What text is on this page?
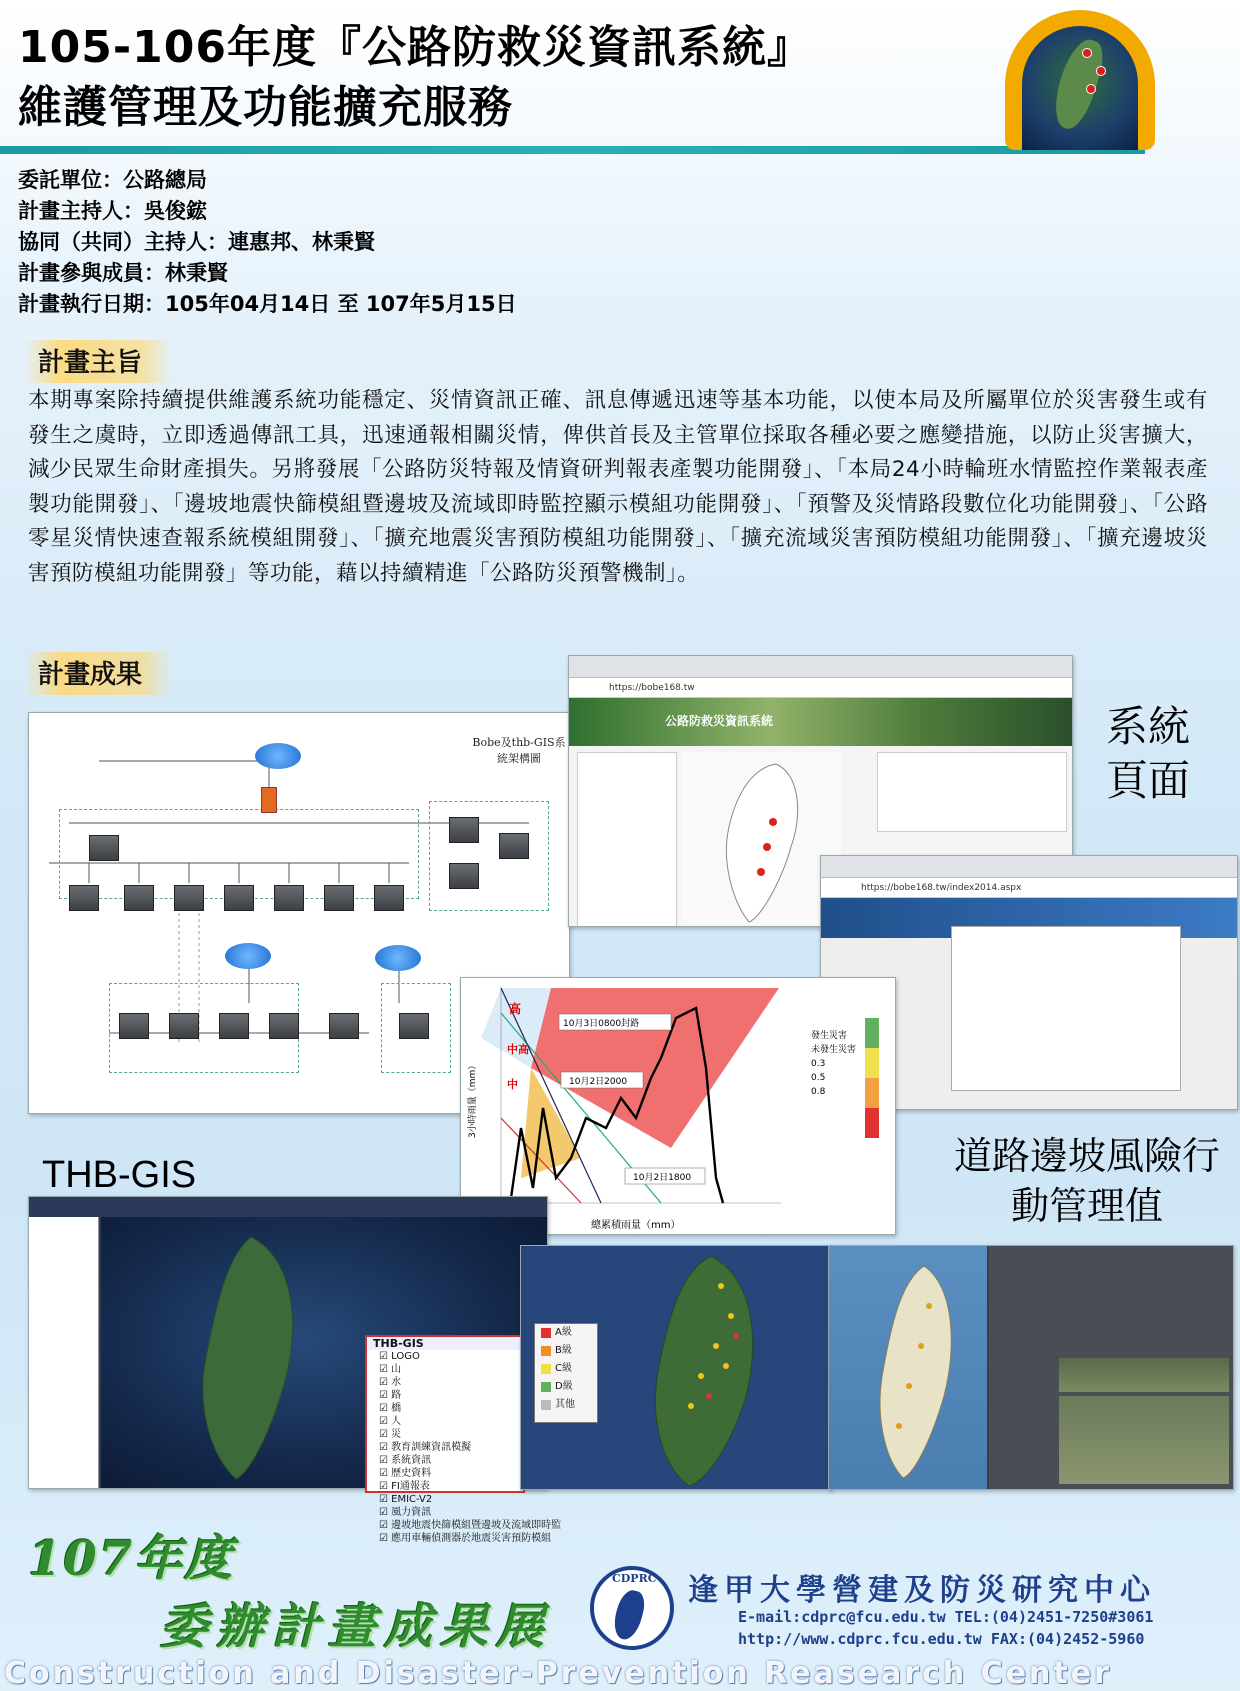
105-106年度『公路防救災資訊系統』
維護管理及功能擴充服務
委託單位：公路總局
計畫主持人：吳俊鋐
協同（共同）主持人：連惠邦、林秉賢
計畫參與成員：林秉賢
計畫執行日期：105年04月14日 至 107年5月15日
計畫主旨
本期專案除持續提供維護系統功能穩定、災情資訊正確、訊息傳遞迅速等基本功能，以使本局及所屬單位於災害發生或有發生之虞時，立即透過傳訊工具，迅速通報相關災情，俾供首長及主管單位採取各種必要之應變措施，以防止災害擴大，減少民眾生命財產損失。另將發展「公路防災特報及情資研判報表產製功能開發」、「本局24小時輪班水情監控作業報表產製功能開發」、「邊坡地震快篩模組暨邊坡及流域即時監控顯示模組功能開發」、「預警及災情路段數位化功能開發」、「公路零星災情快速查報系統模組開發」、「擴充地震災害預防模組功能開發」、「擴充流域災害預防模組功能開發」、「擴充邊坡災害預防模組功能開發」等功能，藉以持續精進「公路防災預警機制」。
計畫成果
Bobe及thb-GIS系統架構圖
https://bobe168.tw
公路防救災資訊系統
https://bobe168.tw/index2014.aspx
高
中高
中
10月3日0800封路
10月2日2000
10月2日1800
總累積雨量（mm）
3小時雨量（mm）
發生災害
未發生災害
0.3
0.5
0.8
系統頁面
道路邊坡風險行動管理值
THB-GIS
THB-GIS
☑ LOGO
☑ 山
☑ 水
☑ 路
☑ 橋
☑ 人
☑ 災
☑ 教育訓練資訊模擬
☑ 系統資訊
☑ 歷史資料
☑ FI通報表
☑ EMIC-V2
☑ 風力資訊
☑ 邊坡地震快篩模組暨邊坡及流域即時監
☑ 應用車輛偵測器於地震災害預防模組
A級
B級
C級
D級
其他
107年度
委辦計畫成果展
CDPRC 逢甲大學營建及防災研究中心
E-mail:cdprc@fcu.edu.tw TEL:(04)2451-7250#3061
http://www.cdprc.fcu.edu.tw FAX:(04)2452-5960
Construction and Disaster-Prevention Reasearch Center
